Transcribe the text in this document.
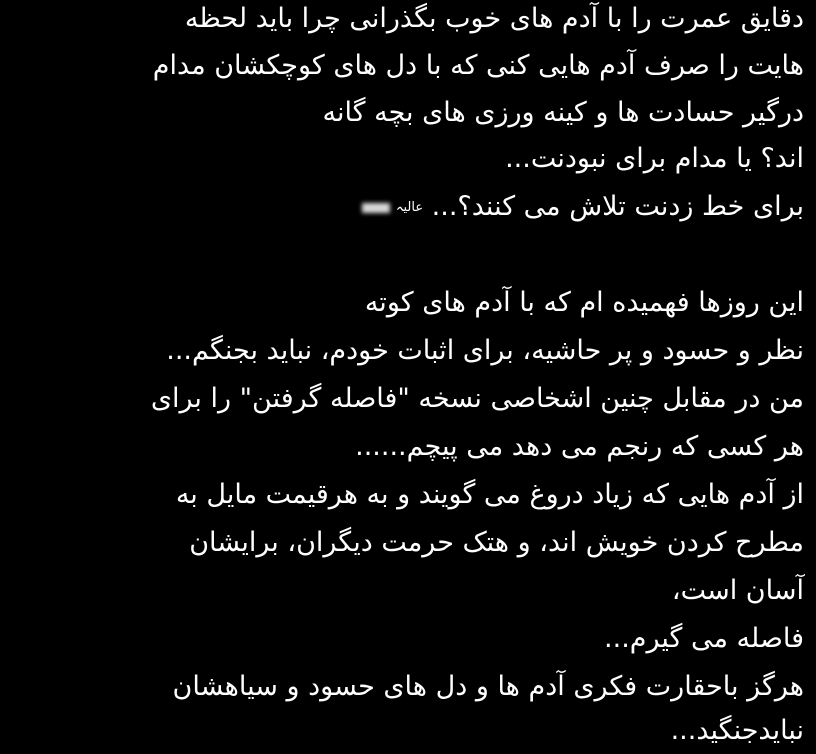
دقایق عمرت را با آدم های خوب بگذرانی چرا باید لحظه
هایت را صرف آدم هایی کنی که با دل های کوچکشان مدام
درگیر حسادت ها و کینه ورزی های بچه گانه
اند؟ یا مدام برای نبودنت...
برای خط زدنت تلاش می کنند؟... عالیہ
این روزها فهمیده ام که با آدم های کوته
نظر و حسود و پر حاشیه، برای اثبات خودم، نباید بجنگم...
من در مقابل چنین اشخاصی نسخه "فاصله گرفتن" را برای
هر کسی که رنجم می دهد می پیچم......
از آدم هایی که زیاد دروغ می گویند و به هرقیمت مایل به
مطرح کردن خویش اند، و هتک حرمت دیگران، برایشان
آسان است،
فاصله می گیرم...
هرگز باحقارت فکری آدم ها و دل های حسود و سیاهشان
نبایدجنگید...
